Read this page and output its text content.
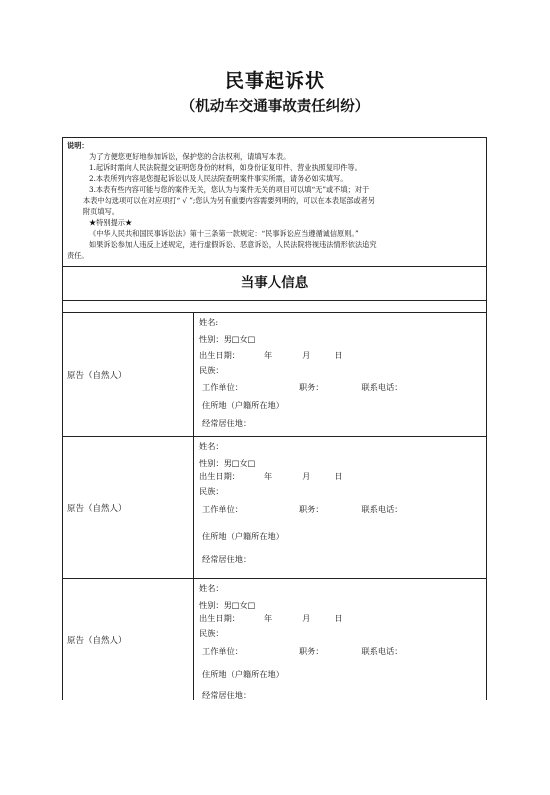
民事起诉状
（机动车交通事故责任纠纷）
说明：
为了方便您更好地参加诉讼，保护您的合法权利，请填写本表。
1.起诉时需向人民法院提交证明您身份的材料，如身份证复印件、营业执照复印件等。
2.本表所列内容是您提起诉讼以及人民法院查明案件事实所需，请务必如实填写。
3.本表有些内容可能与您的案件无关，您认为与案件无关的项目可以填“无”或不填；对于
本表中勾选项可以在对应项打“ √ ”;您认为另有重要内容需要列明的，可以在本表尾部或者另
附页填写。
★特别提示★
《中华人民共和国民事诉讼法》第十三条第一款规定：“民事诉讼应当遵循诚信原则。”
如果诉讼参加人违反上述规定，进行虚假诉讼、恶意诉讼，人民法院将视违法情形依法追究
责任。
当事人信息
原告（自然人）
姓名:
性别：男□女□
出生日期：	年	月	日
民族：
工作单位：	职务：	联系电话：
住所地（户籍所在地）
经常居住地：
原告（自然人）
姓名：
性别：男□女□
出生日期：	年	月	日
民族：
工作单位：	职务：	联系电话：
住所地（户籍所在地）
经常居住地：
原告（自然人）
姓名：
性别：男□女□
出生日期：	年	月	日
民族：
工作单位：	职务：	联系电话：
住所地（户籍所在地）
经常居住地：
